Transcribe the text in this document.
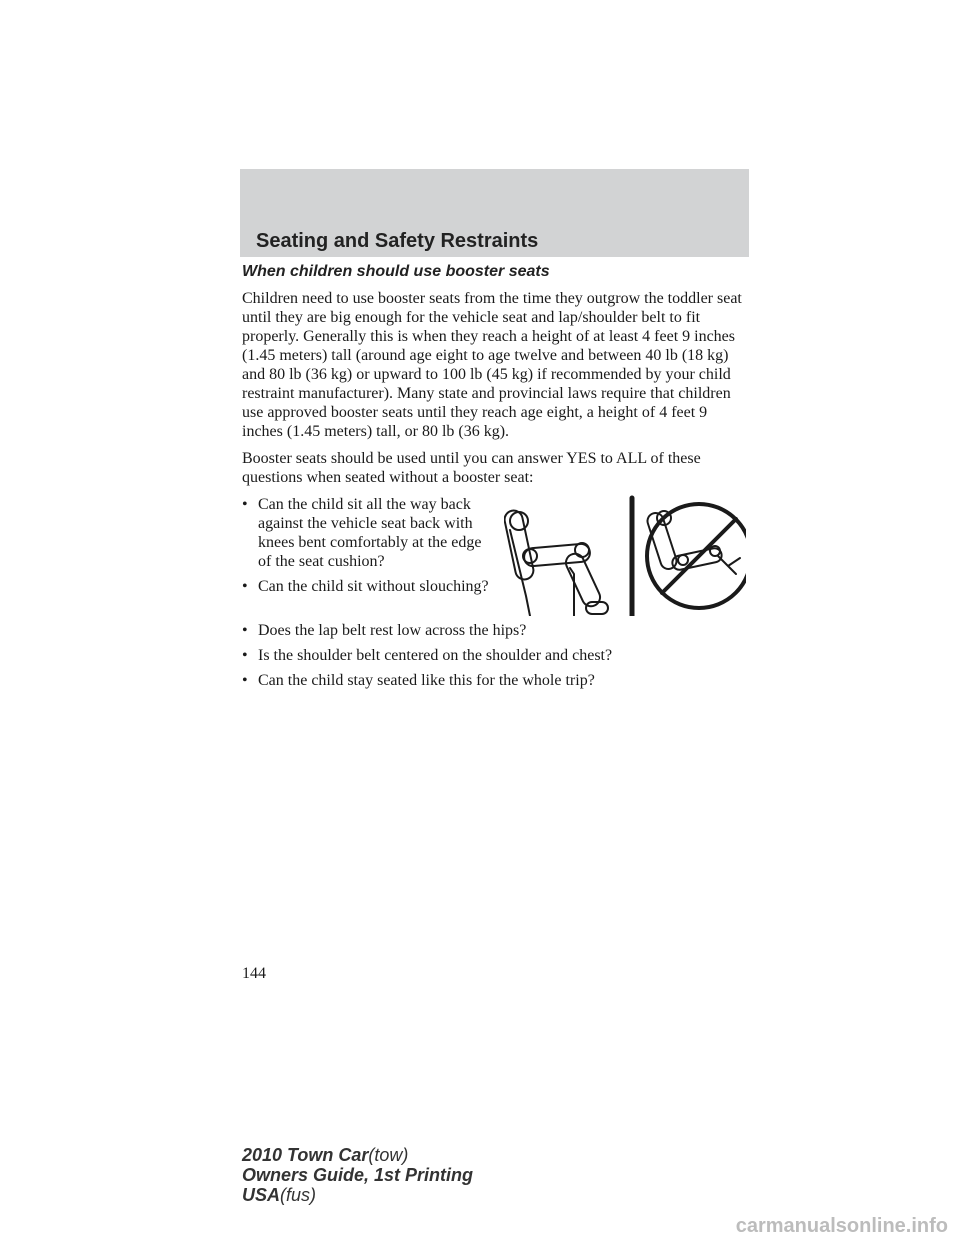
Seating and Safety Restraints
When children should use booster seats

Children need to use booster seats from the time they outgrow the toddler seat until they are big enough for the vehicle seat and lap/shoulder belt to fit properly. Generally this is when they reach a height of at least 4 feet 9 inches (1.45 meters) tall (around age eight to age twelve and between 40 lb (18 kg) and 80 lb (36 kg) or upward to 100 lb (45 kg) if recommended by your child restraint manufacturer). Many state and provincial laws require that children use approved booster seats until they reach age eight, a height of 4 feet 9 inches (1.45 meters) tall, or 80 lb (36 kg).

Booster seats should be used until you can answer YES to ALL of these questions when seated without a booster seat:

• Can the child sit all the way back against the vehicle seat back with knees bent comfortably at the edge of the seat cushion?
• Can the child sit without slouching?
• Does the lap belt rest low across the hips?
• Is the shoulder belt centered on the shoulder and chest?
• Can the child stay seated like this for the whole trip?

144

2010 Town Car(tow)
Owners Guide, 1st Printing
USA(fus)
carmanualsonline.info
